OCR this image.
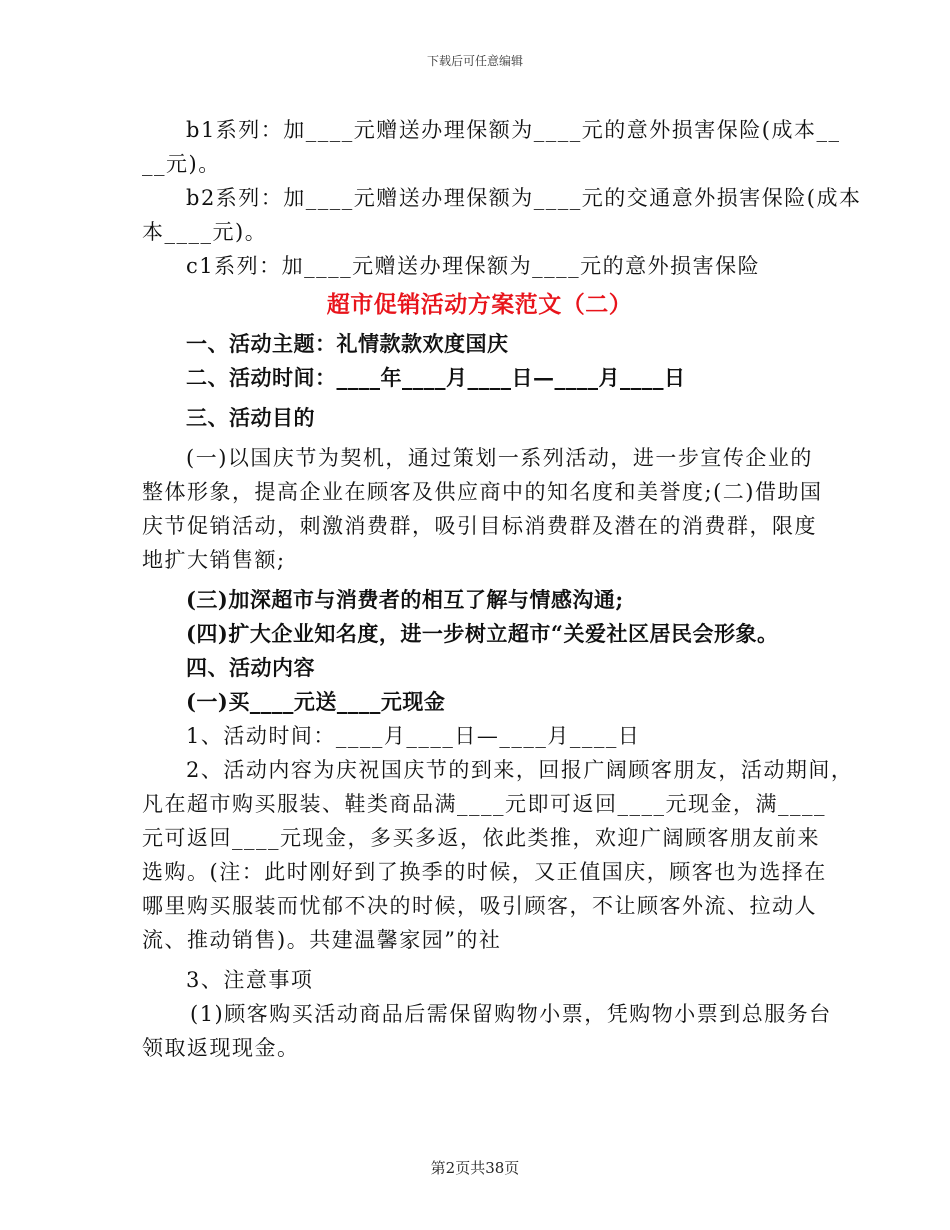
下载后可任意编辑
b1系列：加____元赠送办理保额为____元的意外损害保险(成本__
__元)。
b2系列：加____元赠送办理保额为____元的交通意外损害保险(成本
本____元)。
c1系列：加____元赠送办理保额为____元的意外损害保险
超市促销活动方案范文（二）
一、活动主题：礼情款款欢度国庆
二、活动时间：____年____月____日—____月____日
三、活动目的
(一)以国庆节为契机，通过策划一系列活动，进一步宣传企业的
整体形象，提高企业在顾客及供应商中的知名度和美誉度;(二)借助国
庆节促销活动，刺激消费群，吸引目标消费群及潜在的消费群，限度
地扩大销售额;
(三)加深超市与消费者的相互了解与情感沟通;
(四)扩大企业知名度，进一步树立超市“关爱社区居民会形象。
四、活动内容
(一)买____元送____元现金
1、活动时间：____月____日—____月____日
2、活动内容为庆祝国庆节的到来，回报广阔顾客朋友，活动期间，
凡在超市购买服装、鞋类商品满____元即可返回____元现金，满____
元可返回____元现金，多买多返，依此类推，欢迎广阔顾客朋友前来
选购。(注：此时刚好到了换季的时候，又正值国庆，顾客也为选择在
哪里购买服装而忧郁不决的时候，吸引顾客，不让顾客外流、拉动人
流、推动销售)。共建温馨家园”的社
3、注意事项
(1)顾客购买活动商品后需保留购物小票，凭购物小票到总服务台
领取返现现金。
第2页共38页
